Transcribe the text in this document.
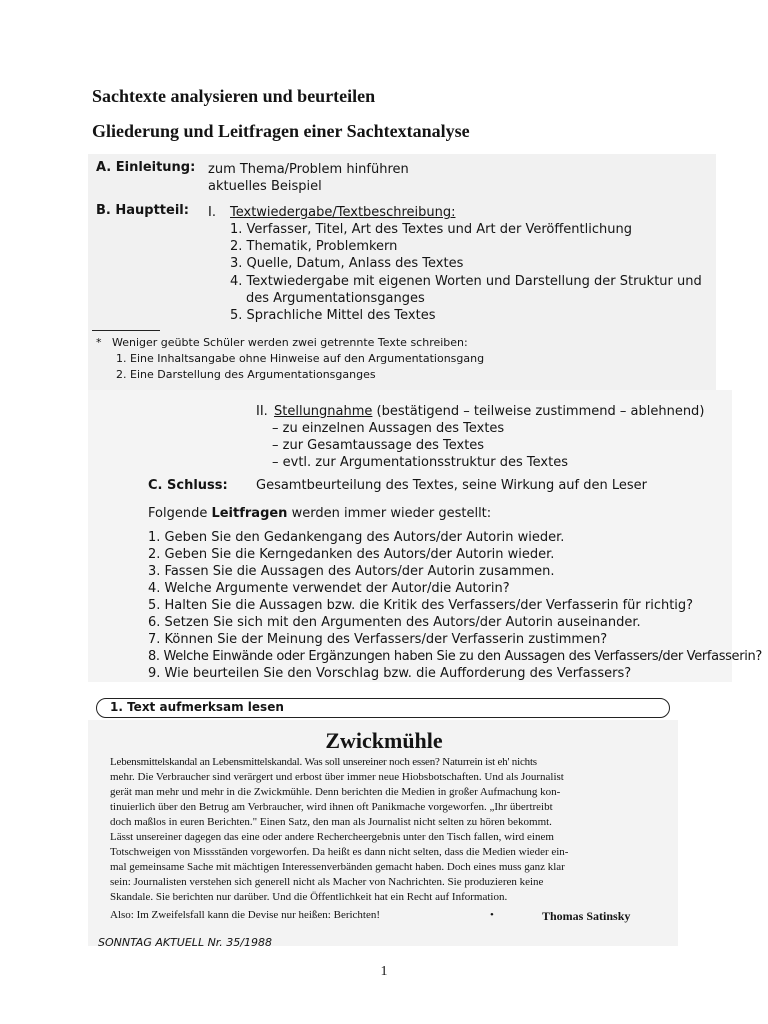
Sachtexte analysieren und beurteilen
Gliederung und Leitfragen einer Sachtextanalyse
A. Einleitung: zum Thema/Problem hinführen
aktuelles Beispiel
B. Hauptteil: I. Textwiedergabe/Textbeschreibung:
1. Verfasser, Titel, Art des Textes und Art der Veröffentlichung
2. Thematik, Problemkern
3. Quelle, Datum, Anlass des Textes
4. Textwiedergabe mit eigenen Worten und Darstellung der Struktur und
des Argumentationsganges
5. Sprachliche Mittel des Textes
* Weniger geübte Schüler werden zwei getrennte Texte schreiben:
1. Eine Inhaltsangabe ohne Hinweise auf den Argumentationsgang
2. Eine Darstellung des Argumentationsganges
II. Stellungnahme (bestätigend – teilweise zustimmend – ablehnend)
– zu einzelnen Aussagen des Textes
– zur Gesamtaussage des Textes
– evtl. zur Argumentationsstruktur des Textes
C. Schluss: Gesamtbeurteilung des Textes, seine Wirkung auf den Leser
Folgende Leitfragen werden immer wieder gestellt:
1. Geben Sie den Gedankengang des Autors/der Autorin wieder.
2. Geben Sie die Kerngedanken des Autors/der Autorin wieder.
3. Fassen Sie die Aussagen des Autors/der Autorin zusammen.
4. Welche Argumente verwendet der Autor/die Autorin?
5. Halten Sie die Aussagen bzw. die Kritik des Verfassers/der Verfasserin für richtig?
6. Setzen Sie sich mit den Argumenten des Autors/der Autorin auseinander.
7. Können Sie der Meinung des Verfassers/der Verfasserin zustimmen?
8. Welche Einwände oder Ergänzungen haben Sie zu den Aussagen des Verfassers/der Verfasserin?
9. Wie beurteilen Sie den Vorschlag bzw. die Aufforderung des Verfassers?
1. Text aufmerksam lesen
Zwickmühle
Lebensmittelskandal an Lebensmittelskandal. Was soll unsereiner noch essen? Naturrein ist eh' nichts
mehr. Die Verbraucher sind verärgert und erbost über immer neue Hiobsbotschaften. Und als Journalist
gerät man mehr und mehr in die Zwickmühle. Denn berichten die Medien in großer Aufmachung kon-
tinuierlich über den Betrug am Verbraucher, wird ihnen oft Panikmache vorgeworfen. „Ihr übertreibt
doch maßlos in euren Berichten." Einen Satz, den man als Journalist nicht selten zu hören bekommt.
Lässt unsereiner dagegen das eine oder andere Rechercheergebnis unter den Tisch fallen, wird einem
Totschweigen von Missständen vorgeworfen. Da heißt es dann nicht selten, dass die Medien wieder ein-
mal gemeinsame Sache mit mächtigen Interessenverbänden gemacht haben. Doch eines muss ganz klar
sein: Journalisten verstehen sich generell nicht als Macher von Nachrichten. Sie produzieren keine
Skandale. Sie berichten nur darüber. Und die Öffentlichkeit hat ein Recht auf Information.
Also: Im Zweifelsfall kann die Devise nur heißen: Berichten!	•	Thomas Satinsky
SONNTAG AKTUELL Nr. 35/1988
1
